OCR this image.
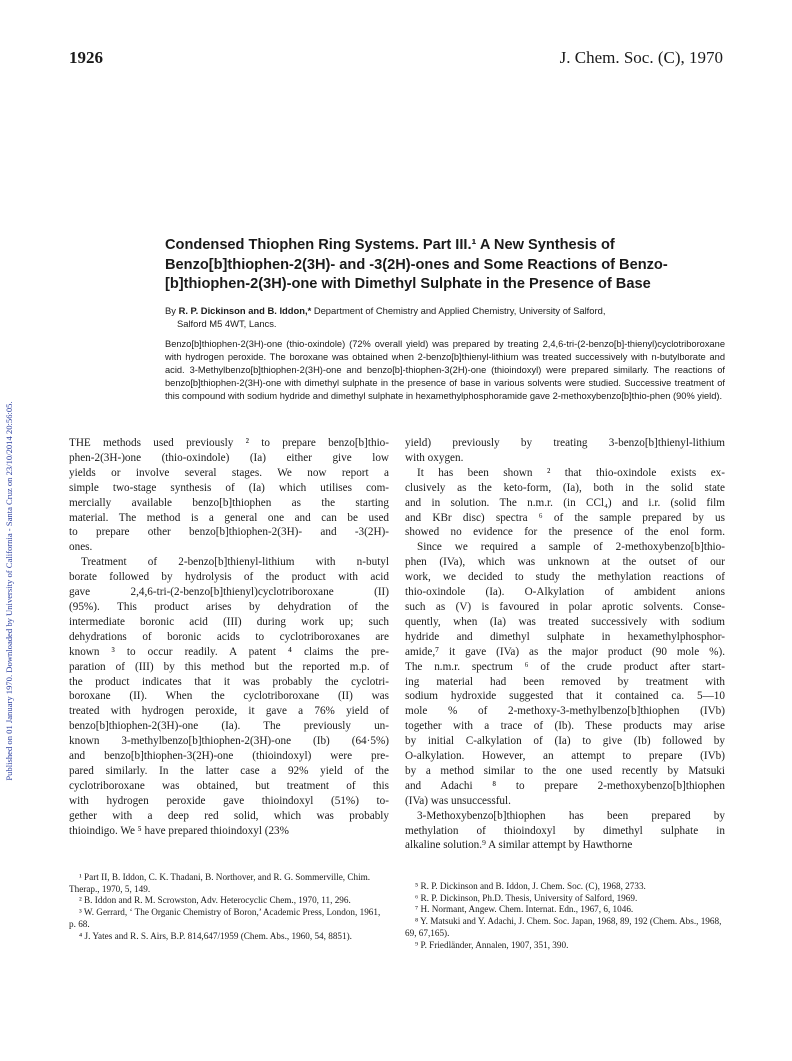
1926	J. Chem. Soc. (C), 1970
Published on 01 January 1970. Downloaded by University of California - Santa Cruz on 23/10/2014 20:56:05.
Condensed Thiophen Ring Systems. Part III.¹ A New Synthesis of
Benzo[b]thiophen-2(3H)- and -3(2H)-ones and Some Reactions of Benzo-
[b]thiophen-2(3H)-one with Dimethyl Sulphate in the Presence of Base
By R. P. Dickinson and B. Iddon,* Department of Chemistry and Applied Chemistry, University of Salford,
Salford M5 4WT, Lancs.
Benzo[b]thiophen-2(3H)-one (thio-oxindole) (72% overall yield) was prepared by treating 2,4,6-tri-(2-benzo[b]-thienyl)cyclotriboroxane with hydrogen peroxide. The boroxane was obtained when 2-benzo[b]thienyl-lithium was treated successively with n-butylborate and acid. 3-Methylbenzo[b]thiophen-2(3H)-one and benzo[b]-thiophen-3(2H)-one (thioindoxyl) were prepared similarly. The reactions of benzo[b]thiophen-2(3H)-one with dimethyl sulphate in the presence of base in various solvents were studied. Successive treatment of this compound with sodium hydride and dimethyl sulphate in hexamethylphosphoramide gave 2-methoxybenzo[b]thio-phen (90% yield).
THE methods used previously ² to prepare benzo[b]thio-
phen-2(3H-)one (thio-oxindole) (Ia) either give low
yields or involve several stages. We now report a
simple two-stage synthesis of (Ia) which utilises com-
mercially available benzo[b]thiophen as the starting
material. The method is a general one and can be used
to prepare other benzo[b]thiophen-2(3H)- and -3(2H)-
ones.
Treatment of 2-benzo[b]thienyl-lithium with n-butyl
borate followed by hydrolysis of the product with acid
gave 2,4,6-tri-(2-benzo[b]thienyl)cyclotriboroxane (II)
(95%). This product arises by dehydration of the
intermediate boronic acid (III) during work up; such
dehydrations of boronic acids to cyclotriboroxanes are
known ³ to occur readily. A patent ⁴ claims the pre-
paration of (III) by this method but the reported m.p. of
the product indicates that it was probably the cyclotri-
boroxane (II). When the cyclotriboroxane (II) was
treated with hydrogen peroxide, it gave a 76% yield of
benzo[b]thiophen-2(3H)-one (Ia). The previously un-
known 3-methylbenzo[b]thiophen-2(3H)-one (Ib) (64·5%)
and benzo[b]thiophen-3(2H)-one (thioindoxyl) were pre-
pared similarly. In the latter case a 92% yield of the
cyclotriboroxane was obtained, but treatment of this
with hydrogen peroxide gave thioindoxyl (51%) to-
gether with a deep red solid, which was probably
thioindigo. We ⁵ have prepared thioindoxyl (23%
yield) previously by treating 3-benzo[b]thienyl-lithium
with oxygen.
It has been shown ² that thio-oxindole exists ex-
clusively as the keto-form, (Ia), both in the solid state
and in solution. The n.m.r. (in CCl₄) and i.r. (solid film
and KBr disc) spectra ⁶ of the sample prepared by us
showed no evidence for the presence of the enol form.
Since we required a sample of 2-methoxybenzo[b]thio-
phen (IVa), which was unknown at the outset of our
work, we decided to study the methylation reactions of
thio-oxindole (Ia). O-Alkylation of ambident anions
such as (V) is favoured in polar aprotic solvents. Conse-
quently, when (Ia) was treated successively with sodium
hydride and dimethyl sulphate in hexamethylphosphor-
amide,⁷ it gave (IVa) as the major product (90 mole %).
The n.m.r. spectrum ⁶ of the crude product after start-
ing material had been removed by treatment with
sodium hydroxide suggested that it contained ca. 5—10
mole % of 2-methoxy-3-methylbenzo[b]thiophen (IVb)
together with a trace of (Ib). These products may arise
by initial C-alkylation of (Ia) to give (Ib) followed by
O-alkylation. However, an attempt to prepare (IVb)
by a method similar to the one used recently by Matsuki
and Adachi ⁸ to prepare 2-methoxybenzo[b]thiophen
(IVa) was unsuccessful.
3-Methoxybenzo[b]thiophen has been prepared by
methylation of thioindoxyl by dimethyl sulphate in
alkaline solution.⁹ A similar attempt by Hawthorne

¹ Part II, B. Iddon, C. K. Thadani, B. Northover, and R. G. Sommerville, Chim. Therap., 1970, 5, 149.

² B. Iddon and R. M. Scrowston, Adv. Heterocyclic Chem., 1970, 11, 296.

³ W. Gerrard, ‘ The Organic Chemistry of Boron,’ Academic Press, London, 1961, p. 68.

⁴ J. Yates and R. S. Airs, B.P. 814,647/1959 (Chem. Abs., 1960, 54, 8851).

⁵ R. P. Dickinson and B. Iddon, J. Chem. Soc. (C), 1968, 2733.

⁶ R. P. Dickinson, Ph.D. Thesis, University of Salford, 1969.

⁷ H. Normant, Angew. Chem. Internat. Edn., 1967, 6, 1046.

⁸ Y. Matsuki and Y. Adachi, J. Chem. Soc. Japan, 1968, 89, 192 (Chem. Abs., 1968, 69, 67,165).

⁹ P. Friedländer, Annalen, 1907, 351, 390.
